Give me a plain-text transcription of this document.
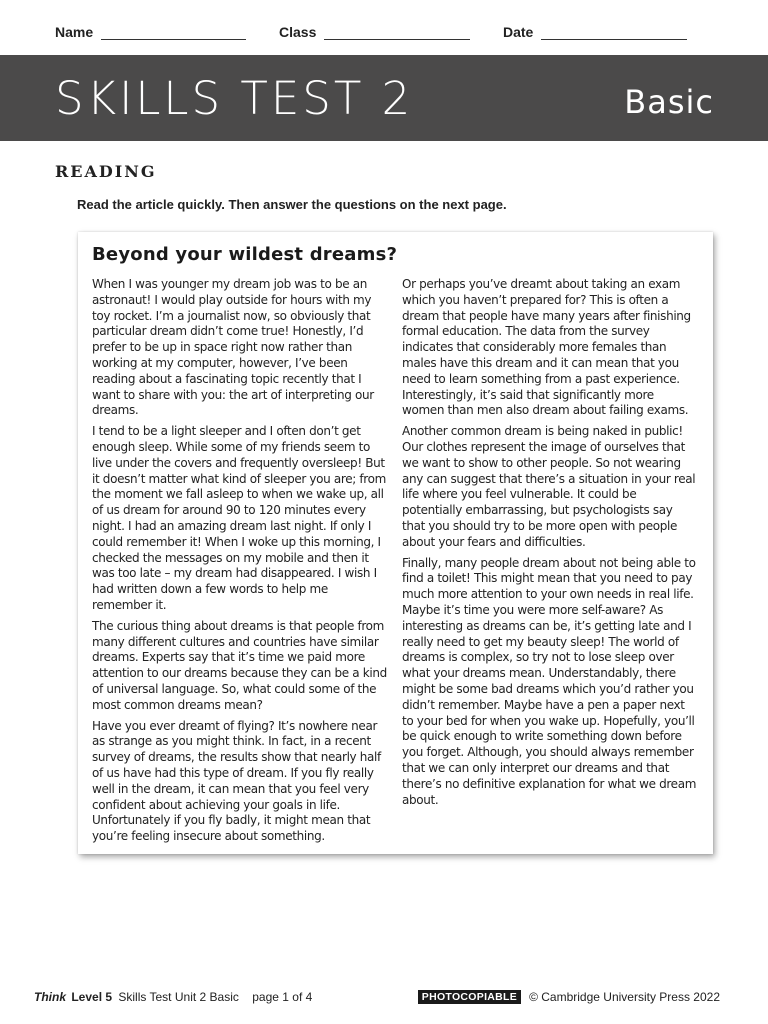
Name	Class	Date
SKILLS TEST 2	Basic
READING
Read the article quickly. Then answer the questions on the next page.
Beyond your wildest dreams?

When I was younger my dream job was to be an astronaut! I would play outside for hours with my toy rocket. I’m a journalist now, so obviously that particular dream didn’t come true! Honestly, I’d prefer to be up in space right now rather than working at my computer, however, I’ve been reading about a fascinating topic recently that I want to share with you: the art of interpreting our dreams.

I tend to be a light sleeper and I often don’t get enough sleep. While some of my friends seem to live under the covers and frequently oversleep! But it doesn’t matter what kind of sleeper you are; from the moment we fall asleep to when we wake up, all of us dream for around 90 to 120 minutes every night. I had an amazing dream last night. If only I could remember it! When I woke up this morning, I checked the messages on my mobile and then it was too late – my dream had disappeared. I wish I had written down a few words to help me remember it.

The curious thing about dreams is that people from many different cultures and countries have similar dreams. Experts say that it’s time we paid more attention to our dreams because they can be a kind of universal language. So, what could some of the most common dreams mean?

Have you ever dreamt of flying? It’s nowhere near as strange as you might think. In fact, in a recent survey of dreams, the results show that nearly half of us have had this type of dream. If you fly really well in the dream, it can mean that you feel very confident about achieving your goals in life. Unfortunately if you fly badly, it might mean that you’re feeling insecure about something.

Or perhaps you’ve dreamt about taking an exam which you haven’t prepared for? This is often a dream that people have many years after finishing formal education. The data from the survey indicates that considerably more females than males have this dream and it can mean that you need to learn something from a past experience. Interestingly, it’s said that significantly more women than men also dream about failing exams.

Another common dream is being naked in public! Our clothes represent the image of ourselves that we want to show to other people. So not wearing any can suggest that there’s a situation in your real life where you feel vulnerable. It could be potentially embarrassing, but psychologists say that you should try to be more open with people about your fears and difficulties.

Finally, many people dream about not being able to find a toilet! This might mean that you need to pay much more attention to your own needs in real life. Maybe it’s time you were more self-aware? As interesting as dreams can be, it’s getting late and I really need to get my beauty sleep! The world of dreams is complex, so try not to lose sleep over what your dreams mean. Understandably, there might be some bad dreams which you’d rather you didn’t remember. Maybe have a pen a paper next to your bed for when you wake up. Hopefully, you’ll be quick enough to write something down before you forget. Although, you should always remember that we can only interpret our dreams and that there’s no definitive explanation for what we dream about.

Think Level 5 Skills Test Unit 2 Basic page 1 of 4	PHOTOCOPIABLE	© Cambridge University Press 2022
